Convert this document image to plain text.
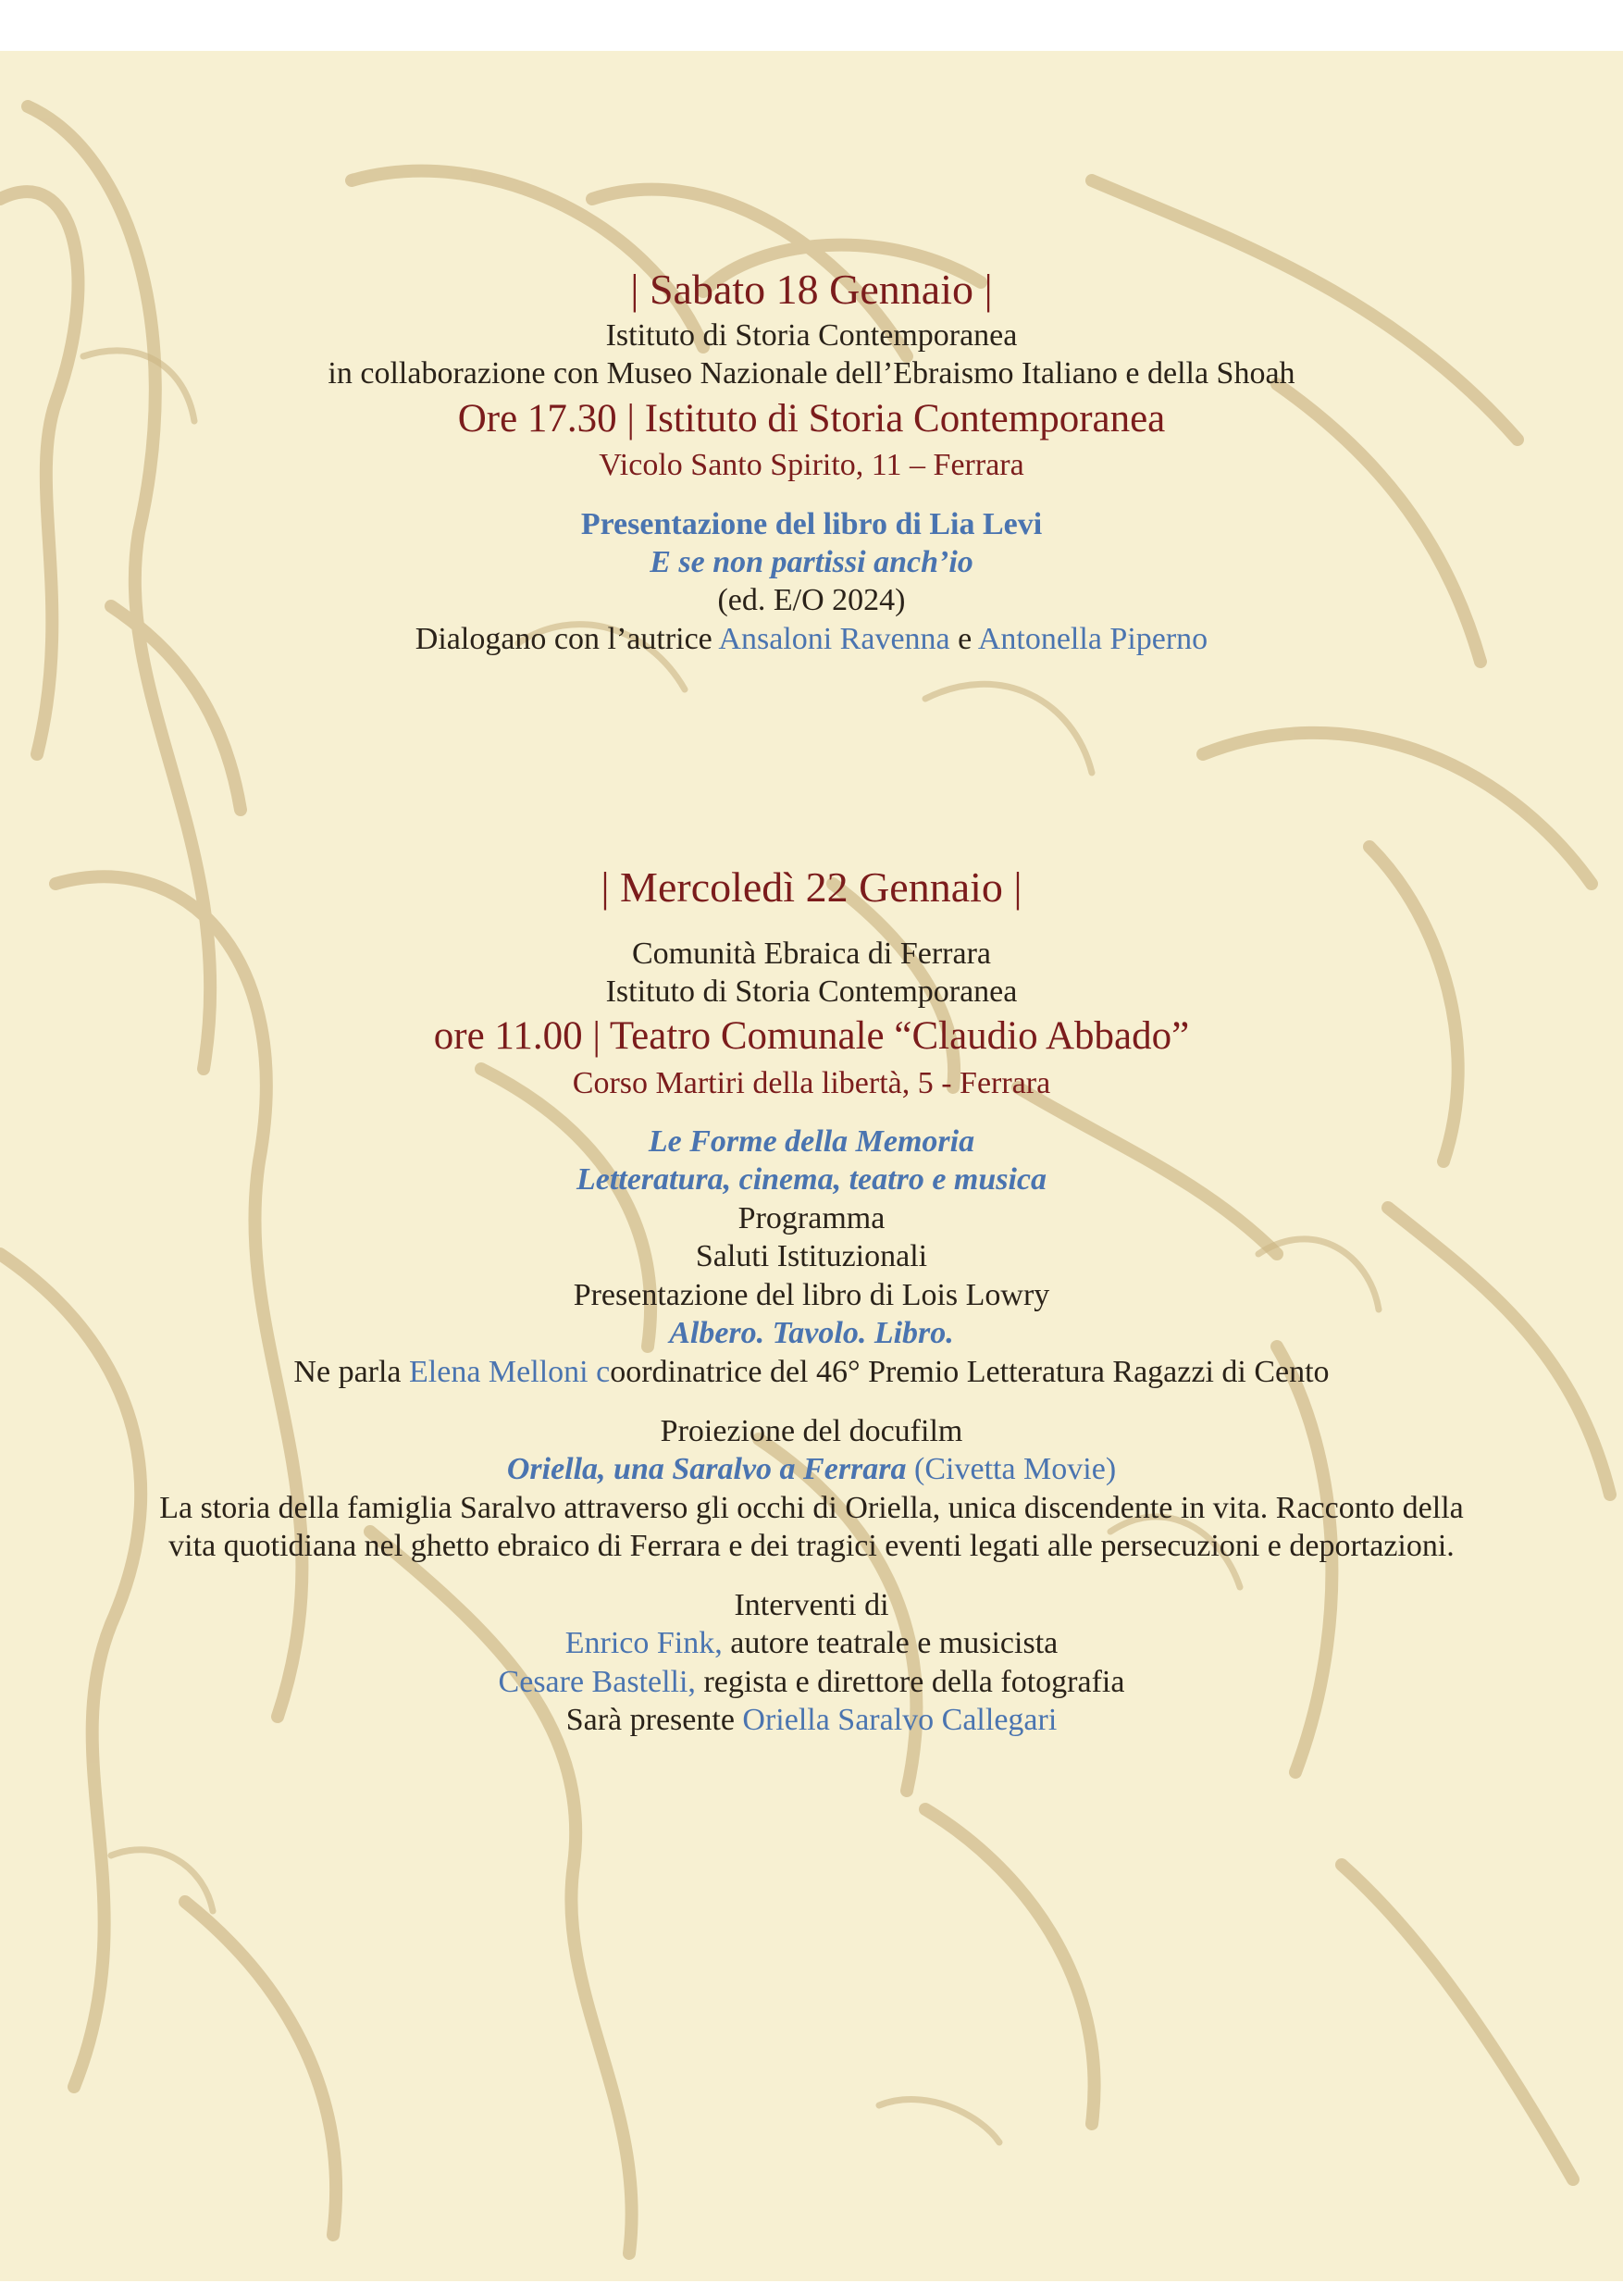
| Sabato 18 Gennaio |
Istituto di Storia Contemporanea
in collaborazione con Museo Nazionale dell’Ebraismo Italiano e della Shoah
Ore 17.30 | Istituto di Storia Contemporanea
Vicolo Santo Spirito, 11 – Ferrara
Presentazione del libro di Lia Levi
E se non partissi anch’io
(ed. E/O 2024)
Dialogano con l’autrice Ansaloni Ravenna e Antonella Piperno
| Mercoledì 22 Gennaio |
Comunità Ebraica di Ferrara
Istituto di Storia Contemporanea
ore 11.00 | Teatro Comunale “Claudio Abbado”
Corso Martiri della libertà, 5 - Ferrara
Le Forme della Memoria
Letteratura, cinema, teatro e musica
Programma
Saluti Istituzionali
Presentazione del libro di Lois Lowry
Albero. Tavolo. Libro.
Ne parla Elena Melloni coordinatrice del 46° Premio Letteratura Ragazzi di Cento
Proiezione del docufilm
Oriella, una Saralvo a Ferrara (Civetta Movie)
La storia della famiglia Saralvo attraverso gli occhi di Oriella, unica discendente in vita. Racconto della
vita quotidiana nel ghetto ebraico di Ferrara e dei tragici eventi legati alle persecuzioni e deportazioni.
Interventi di
Enrico Fink, autore teatrale e musicista
Cesare Bastelli, regista e direttore della fotografia
Sarà presente Oriella Saralvo Callegari
